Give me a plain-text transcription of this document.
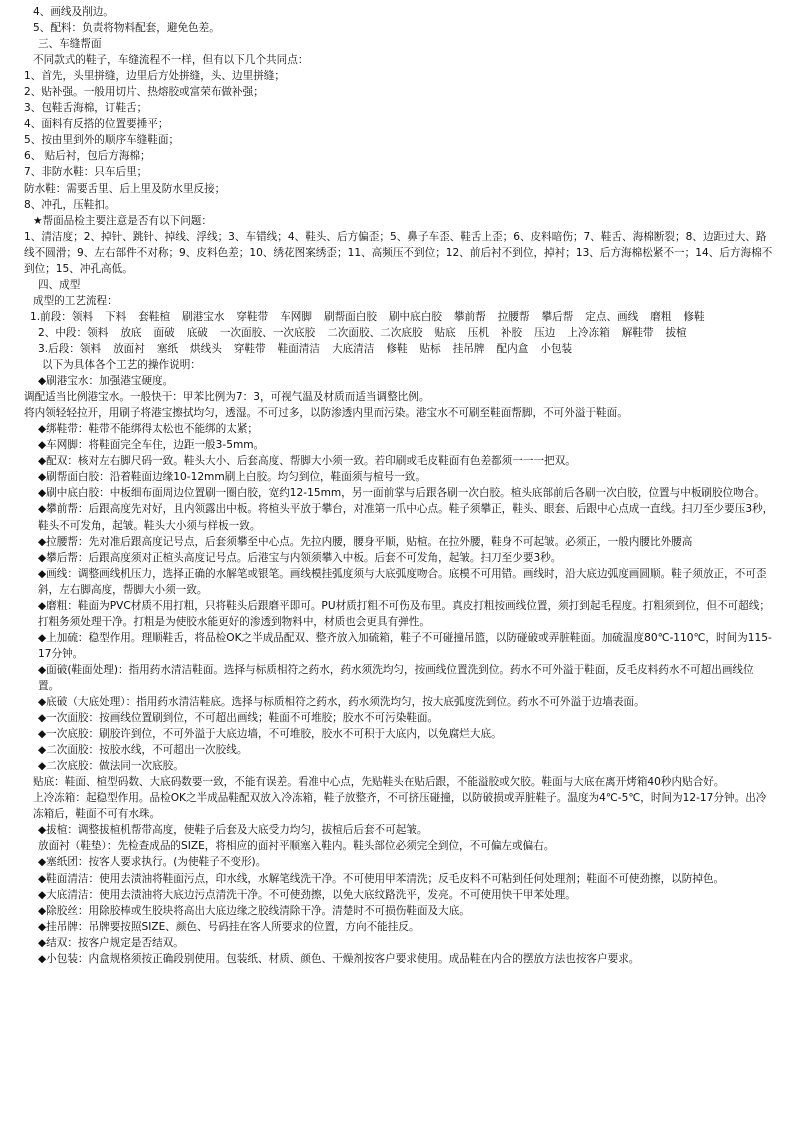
4、画线及削边。
5、配料：负责将物料配套，避免色差。
三、车缝帮面
不同款式的鞋子，车缝流程不一样，但有以下几个共同点：
1、首先，头里拼缝，边里后方处拼缝，头、边里拼缝；
2、贴补强。一般用切片、热熔胶或富荣布做补强；
3、包鞋舌海棉，订鞋舌；
4、面料有反搭的位置要捶平；
5、按由里到外的顺序车缝鞋面；
6、 贴后衬，包后方海棉；
7、非防水鞋：只车后里；
防水鞋：需要舌里、后上里及防水里反接；
8、冲孔，压鞋扣。
★帮面品检主要注意是否有以下问题：
1、清洁度；2、掉针、跳针、掉线、浮线；3、车错线；4、鞋头、后方偏歪；5、鼻子车歪、鞋舌上歪；6、皮料暗伤；7、鞋舌、海棉断裂；8、边距过大、路线不圆滑；9、左右部件不对称；9、皮料色差；10、绣花图案绣歪；11、高频压不到位；12、前后衬不到位，掉衬；13、后方海棉松紧不一；14、后方海棉不到位；15、冲孔高低。
四、成型
成型的工艺流程：
1.前段：领料 下料 套鞋楦 刷港宝水 穿鞋带 车网脚 刷帮面白胶 刷中底白胶 攀前帮 拉腰帮 攀后帮 定点、画线 磨粗 修鞋
2、中段：领料 放底 面破 底破 一次面胶、一次底胶 二次面胶、二次底胶 贴底 压机 补胶 压边 上冷冻箱 解鞋带 拔楦
3.后段：领料 放面衬 塞纸 烘线头 穿鞋带 鞋面清洁 大底清洁 修鞋 贴标 挂吊牌 配内盒 小包装
以下为具体各个工艺的操作说明：
◆刷港宝水：加强港宝硬度。
调配适当比例港宝水。一般快干：甲苯比例为7：3，可视气温及材质而适当调整比例。
将内领轻轻拉开，用刷子将港宝擦拭均匀，透湿。不可过多，以防渗透内里而污染。港宝水不可刷至鞋面帮脚，不可外溢于鞋面。
◆绑鞋带：鞋带不能绑得太松也不能绑的太紧；
◆车网脚：将鞋面完全车住，边距一般3-5mm。
◆配双：核对左右脚尺码一致。鞋头大小、后套高度、帮脚大小须一致。若印刷或毛皮鞋面有色差都须一一一把双。
◆刷帮面白胶：沿着鞋面边缘10-12mm刷上白胶。均匀到位，鞋面须与楦号一致。
◆刷中底白胶：中板细布面周边位置刷一圈白胶，宽约12-15mm，另一面前掌与后跟各刷一次白胶。楦头底部前后各刷一次白胶，位置与中板刷胶位吻合。
◆攀前帮：后跟高度先对好，且内领露出中板。将楦头平放于攀台，对准第一爪中心点。鞋子须攀正，鞋头、眼套、后跟中心点成一直线。扫刀至少要压3秒，鞋头不可发角，起皱。鞋头大小须与样板一致。
◆拉腰帮：先对准后跟高度记号点，后套须攀至中心点。先拉内腰，腰身平顺，贴楦。在拉外腰，鞋身不可起皱。必须正，一般内腰比外腰高
◆攀后帮：后跟高度须对正楦头高度记号点。后港宝与内领须攀入中板。后套不可发角，起皱。扫刀至少要3秒。
◆画线：调整画线机压力，选择正确的水解笔或银笔。画线模挂弧度须与大底弧度吻合。底模不可用错。画线时，沿大底边弧度画圆顺。鞋子须放正，不可歪斜，左右脚高度，帮脚大小须一致。
◆磨粗：鞋面为PVC材质不用打粗，只将鞋头后跟磨平即可。PU材质打粗不可伤及布里。真皮打粗按画线位置，须打到起毛程度。打粗须到位，但不可超线；打粗务须处理干净。打粗是为使胶水能更好的渗透到物料中，材质也会更具有弹性。
◆上加硫：稳型作用。理顺鞋舌，将品检OK之半成品配双、整齐放入加硫箱，鞋子不可碰撞吊篮，以防碰破或弄脏鞋面。加硫温度80℃-110℃，时间为115-17分钟。
◆面破(鞋面处理)：指用药水清洁鞋面。选择与标质相符之药水，药水须洗均匀，按画线位置洗到位。药水不可外溢于鞋面，反毛皮料药水不可超出画线位置。
◆底破（大底处理）：指用药水清洁鞋底。选择与标质相符之药水，药水须洗均匀，按大底弧度洗到位。药水不可外溢于边墙表面。
◆一次面胶：按画线位置刷到位，不可超出画线；鞋面不可堆胶；胶水不可污染鞋面。
◆一次底胶：刷胶许到位，不可外溢于大底边墙，不可堆胶，胶水不可积于大底内，以免腐烂大底。
◆二次面胶：按胶水线，不可超出一次胶线。
◆二次底胶：做法同一次底胶。
贴底：鞋面、楦型码数、大底码数要一致，不能有误差。看准中心点，先贴鞋头在贴后跟，不能溢胶或欠胶。鞋面与大底在离开烤箱40秒内贴合好。
上冷冻箱：起稳型作用。品检OK之半成品鞋配双放入冷冻箱，鞋子放整齐，不可挤压碰撞，以防破损或弄脏鞋子。温度为4℃-5℃，时间为12-17分钟。出冷冻箱后，鞋面不可有水珠。
◆拔楦：调整拔楦机帮带高度，使鞋子后套及大底受力均匀，拔楦后后套不可起皱。
放面衬（鞋垫）：先检查成品的SIZE，将相应的面衬平顺塞入鞋内。鞋头部位必须完全到位，不可偏左或偏右。
◆塞纸团：按客人要求执行。(为使鞋子不变形)。
◆鞋面清洁：使用去渍油将鞋面污点，印水线，水解笔线洗干净。不可使用甲苯清洗；反毛皮料不可粘到任何处理剂；鞋面不可使劲擦，以防掉色。
◆大底清洁：使用去渍油将大底边污点清洗干净。不可使劲擦，以免大底纹路洗平，发亮。不可使用快干甲苯处理。
◆除胶丝：用除胶棒或生胶块将高出大底边缘之胶线清除干净。清楚时不可损伤鞋面及大底。
◆挂吊牌：吊牌要按照SIZE、颜色、号码挂在客人所要求的位置，方向不能挂反。
◆结双：按客户规定是否结双。
◆小包装：内盒规格须按正确段别使用。包装纸、材质、颜色、干燥剂按客户要求使用。成品鞋在内合的摆放方法也按客户要求。
